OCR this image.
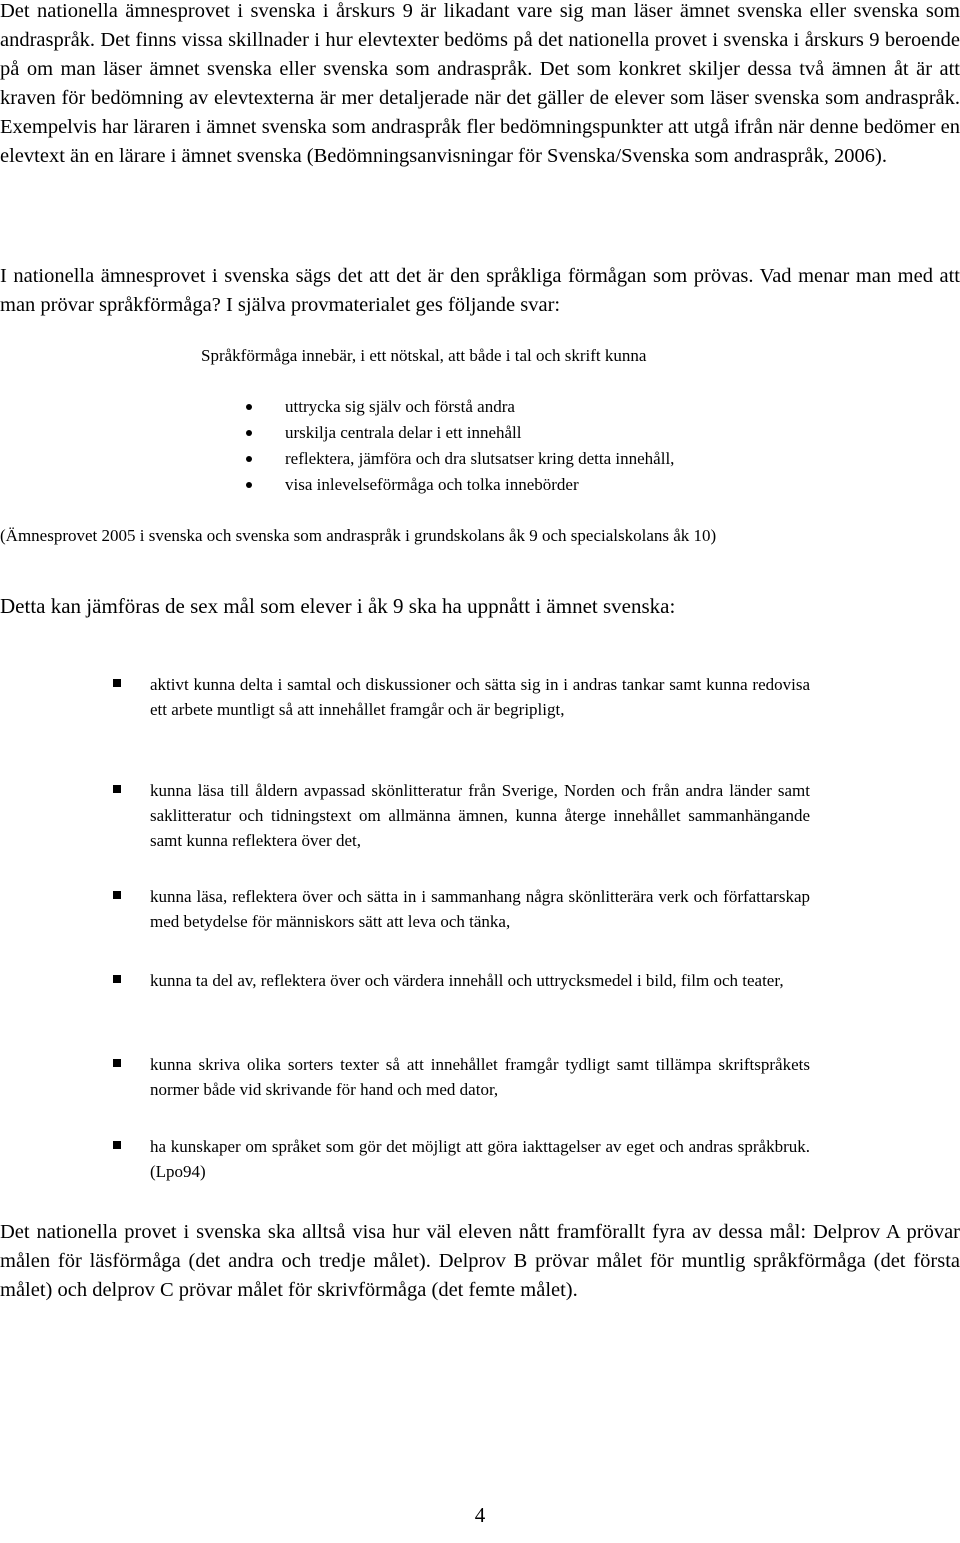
Det nationella ämnesprovet i svenska i årskurs 9 är likadant vare sig man läser ämnet svenska eller svenska som andraspråk. Det finns vissa skillnader i hur elevtexter bedöms på det nationella provet i svenska i årskurs 9 beroende på om man läser ämnet svenska eller svenska som andraspråk. Det som konkret skiljer dessa två ämnen åt är att kraven för bedömning av elevtexterna är mer detaljerade när det gäller de elever som läser svenska som andraspråk. Exempelvis har läraren i ämnet svenska som andraspråk fler bedömningspunkter att utgå ifrån när denne bedömer en elevtext än en lärare i ämnet svenska (Bedömningsanvisningar för Svenska/Svenska som andraspråk, 2006).

I nationella ämnesprovet i svenska sägs det att det är den språkliga förmågan som prövas. Vad menar man med att man prövar språkförmåga? I själva provmaterialet ges följande svar:

Språkförmåga innebär, i ett nötskal, att både i tal och skrift kunna

uttrycka sig själv och förstå andra
urskilja centrala delar i ett innehåll
reflektera, jämföra och dra slutsatser kring detta innehåll,
visa inlevelseförmåga och tolka innebörder

(Ämnesprovet 2005 i svenska och svenska som andraspråk i grundskolans åk 9 och specialskolans åk 10)

Detta kan jämföras de sex mål som elever i åk 9 ska ha uppnått i ämnet svenska:

aktivt kunna delta i samtal och diskussioner och sätta sig in i andras tankar samt kunna redovisa ett arbete muntligt så att innehållet framgår och är begripligt,

kunna läsa till åldern avpassad skönlitteratur från Sverige, Norden och från andra länder samt saklitteratur och tidningstext om allmänna ämnen, kunna återge innehållet sammanhängande samt kunna reflektera över det,

kunna läsa, reflektera över och sätta in i sammanhang några skönlitterära verk och författarskap med betydelse för människors sätt att leva och tänka,

kunna ta del av, reflektera över och värdera innehåll och uttrycksmedel i bild, film och teater,

kunna skriva olika sorters texter så att innehållet framgår tydligt samt tillämpa skriftspråkets normer både vid skrivande för hand och med dator,

ha kunskaper om språket som gör det möjligt att göra iakttagelser av eget och andras språkbruk. (Lpo94)

Det nationella provet i svenska ska alltså visa hur väl eleven nått framförallt fyra av dessa mål: Delprov A prövar målen för läsförmåga (det andra och tredje målet). Delprov B prövar målet för muntlig språkförmåga (det första målet) och delprov C prövar målet för skrivförmåga (det femte målet).

4
